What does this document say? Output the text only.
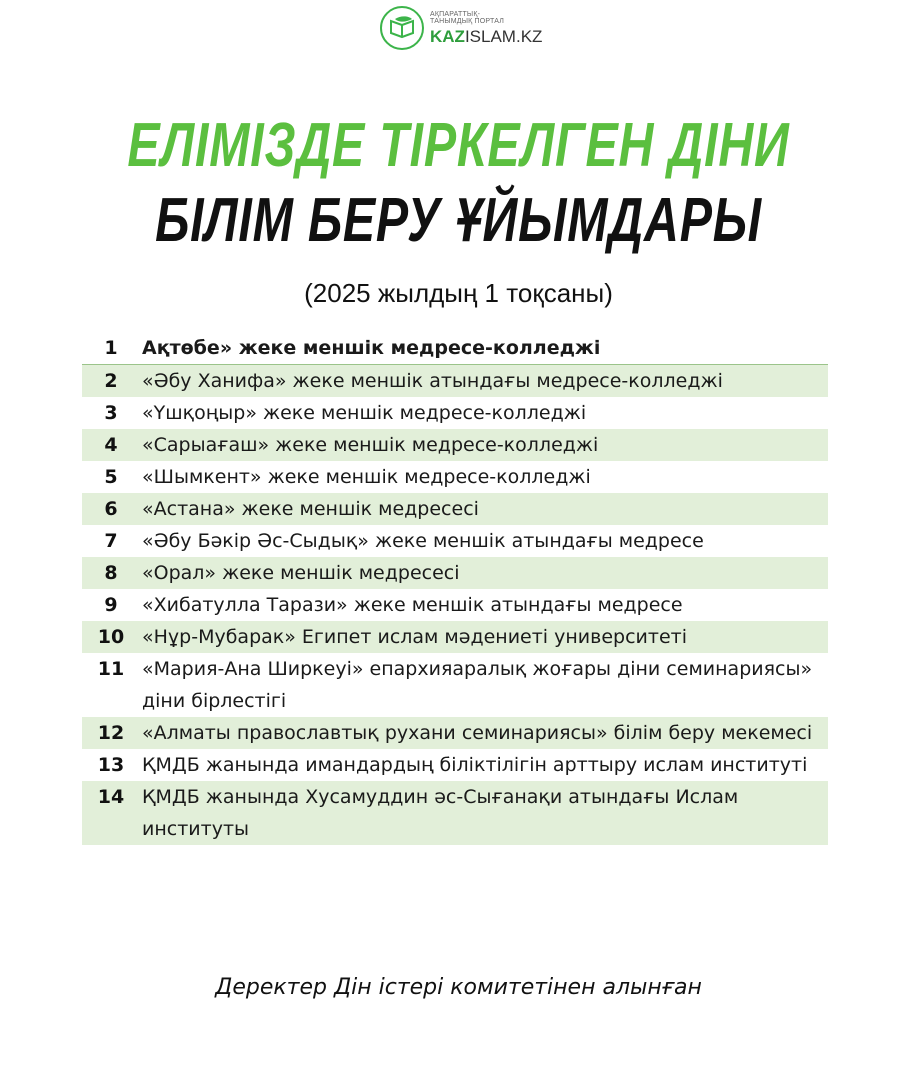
АҚПАРАТТЫҚ-ТАНЫМДЫҚ ПОРТАЛ
KAZISLAM.KZ
ЕЛІМІЗДЕ ТІРКЕЛГЕН ДІНИ
БІЛІМ БЕРУ ҰЙЫМДАРЫ
(2025 жылдың 1 тоқсаны)
1	Ақтөбе» жеке меншік медресе-колледжі
2	«Әбу Ханифа» жеке меншік атындағы медресе-колледжі
3	«Үшқоңыр» жеке меншік медресе-колледжі
4	«Сарыағаш» жеке меншік медресе-колледжі
5	«Шымкент» жеке меншік медресе-колледжі
6	«Астана» жеке меншік медресесі
7	«Әбу Бәкір Әс-Сыдық» жеке меншік атындағы медресе
8	«Орал» жеке меншік медресесі
9	«Хибатулла Тарази» жеке меншік атындағы медресе
10 «Нұр-Мубарак» Египет ислам мәдениеті университеті
11 «Мария-Ана Ширкеуі» епархияаралық жоғары діни семинариясы» діни бірлестігі
12 «Алматы православтық рухани семинариясы» білім беру мекемесі
13 ҚМДБ жанында имандардың біліктілігін арттыру ислам институті
14 ҚМДБ жанында Хусамуддин әс-Сығанақи атындағы Ислам институты
Деректер Дін істері комитетінен алынған
